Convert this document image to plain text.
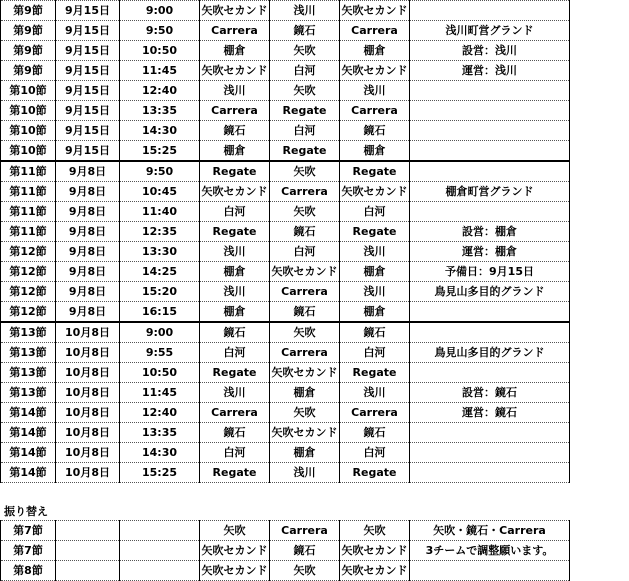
第9節	9月15日	9:00	矢吹セカンド	浅川	矢吹セカンド	
第9節	9月15日	9:50	Carrera	鏡石	Carrera	浅川町営グランド
第9節	9月15日	10:50	棚倉	矢吹	棚倉	設営：浅川
第9節	9月15日	11:45	矢吹セカンド	白河	矢吹セカンド	運営：浅川
第10節	9月15日	12:40	浅川	矢吹	浅川	
第10節	9月15日	13:35	Carrera	Regate	Carrera	
第10節	9月15日	14:30	鏡石	白河	鏡石	
第10節	9月15日	15:25	棚倉	Regate	棚倉	
第11節	9月8日	9:50	Regate	矢吹	Regate	
第11節	9月8日	10:45	矢吹セカンド	Carrera	矢吹セカンド	棚倉町営グランド
第11節	9月8日	11:40	白河	矢吹	白河	
第11節	9月8日	12:35	Regate	鏡石	Regate	設営：棚倉
第12節	9月8日	13:30	浅川	白河	浅川	運営：棚倉
第12節	9月8日	14:25	棚倉	矢吹セカンド	棚倉	予備日：9月15日
第12節	9月8日	15:20	浅川	Carrera	浅川	鳥見山多目的グランド
第12節	9月8日	16:15	棚倉	鏡石	棚倉	
第13節	10月8日	9:00	鏡石	矢吹	鏡石	
第13節	10月8日	9:55	白河	Carrera	白河	鳥見山多目的グランド
第13節	10月8日	10:50	Regate	矢吹セカンド	Regate	
第13節	10月8日	11:45	浅川	棚倉	浅川	設営：鏡石
第14節	10月8日	12:40	Carrera	矢吹	Carrera	運営：鏡石
第14節	10月8日	13:35	鏡石	矢吹セカンド	鏡石	
第14節	10月8日	14:30	白河	棚倉	白河	
第14節	10月8日	15:25	Regate	浅川	Regate	
振り替え
第7節			矢吹	Carrera	矢吹	矢吹・鏡石・Carrera
第7節			矢吹セカンド	鏡石	矢吹セカンド	3チームで調整願います。
第8節			矢吹セカンド	矢吹	矢吹セカンド	
